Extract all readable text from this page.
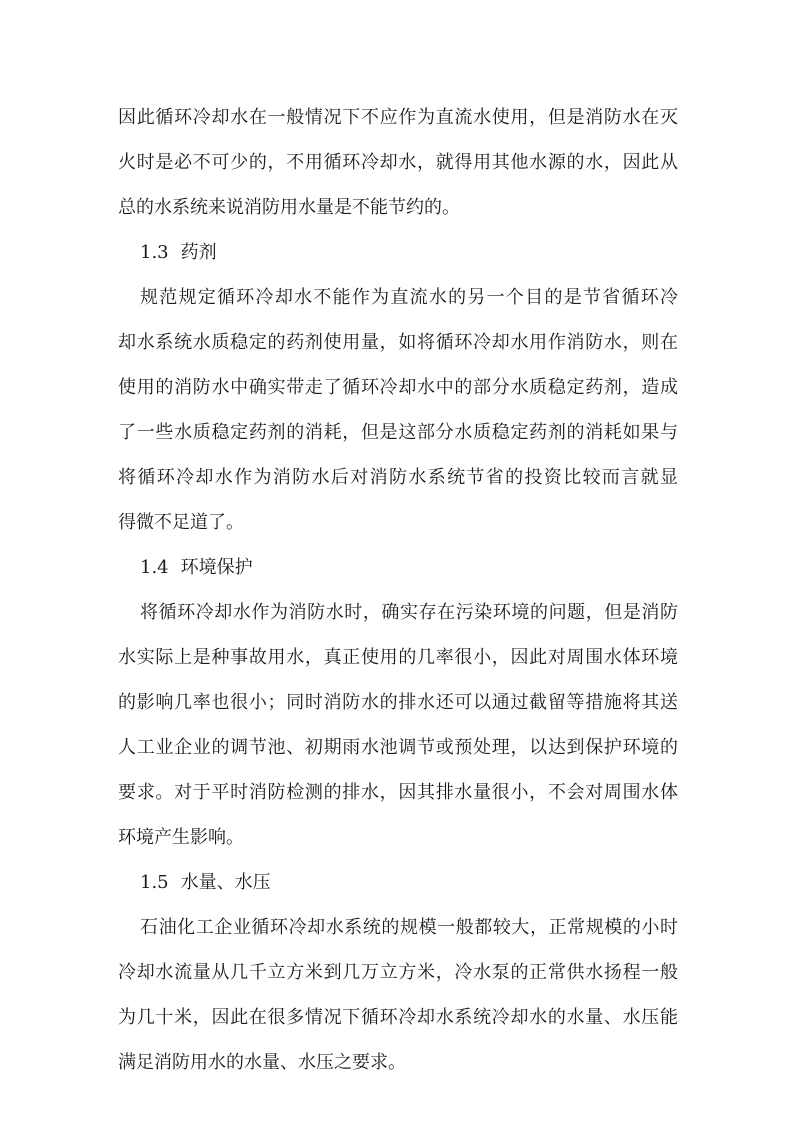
因此循环冷却水在一般情况下不应作为直流水使用，但是消防水在灭
火时是必不可少的，不用循环冷却水，就得用其他水源的水，因此从
总的水系统来说消防用水量是不能节约的。
1.3 药剂
规范规定循环冷却水不能作为直流水的另一个目的是节省循环冷
却水系统水质稳定的药剂使用量，如将循环冷却水用作消防水，则在
使用的消防水中确实带走了循环冷却水中的部分水质稳定药剂，造成
了一些水质稳定药剂的消耗，但是这部分水质稳定药剂的消耗如果与
将循环冷却水作为消防水后对消防水系统节省的投资比较而言就显
得微不足道了。
1.4 环境保护
将循环冷却水作为消防水时，确实存在污染环境的问题，但是消防
水实际上是种事故用水，真正使用的几率很小，因此对周围水体环境
的影响几率也很小；同时消防水的排水还可以通过截留等措施将其送
人工业企业的调节池、初期雨水池调节或预处理，以达到保护环境的
要求。对于平时消防检测的排水，因其排水量很小，不会对周围水体
环境产生影响。
1.5 水量、水压
石油化工企业循环冷却水系统的规模一般都较大，正常规模的小时
冷却水流量从几千立方米到几万立方米，冷水泵的正常供水扬程一般
为几十米，因此在很多情况下循环冷却水系统冷却水的水量、水压能
满足消防用水的水量、水压之要求。
